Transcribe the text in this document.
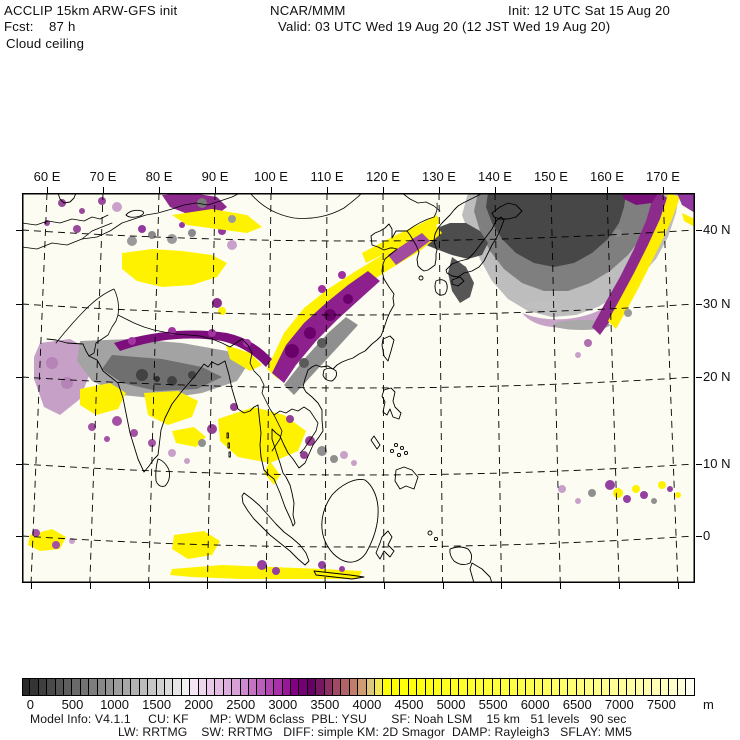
ACCLIP 15km ARW-GFS init	NCAR/MMM	Init: 12 UTC Sat 15 Aug 20
Fcst:    87 h	Valid: 03 UTC Wed 19 Aug 20 (12 JST Wed 19 Aug 20)
Cloud ceiling
60 E	70 E	80 E	90 E	100 E	110 E	120 E	130 E	140 E	150 E	160 E	170 E
40 N
30 N
20 N
10 N
0
0 500 1000 1500 2000 2500 3000 3500 4000 4500 5000 5500 6000 6500 7000 7500 m
Model Info: V4.1.1     CU: KF      MP: WDM 6class  PBL: YSU       SF: Noah LSM    15 km   51 levels   90 sec
LW: RRTMG    SW: RRTMG   DIFF: simple KM: 2D Smagor  DAMP: Rayleigh3   SFLAY: MM5
